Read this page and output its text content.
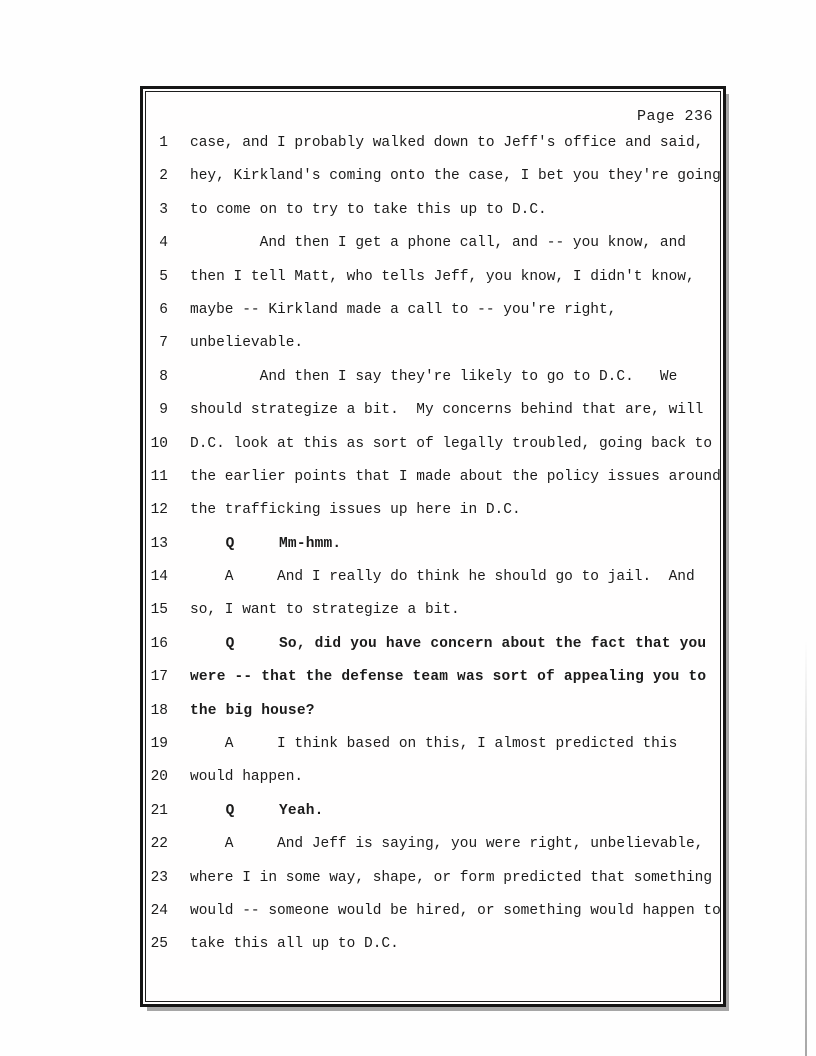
Page 236
1	case, and I probably walked down to Jeff's office and said,
2	hey, Kirkland's coming onto the case, I bet you they're going
3	to come on to try to take this up to D.C.
4	And then I get a phone call, and -- you know, and
5	then I tell Matt, who tells Jeff, you know, I didn't know,
6	maybe -- Kirkland made a call to -- you're right,
7	unbelievable.
8	And then I say they're likely to go to D.C.   We
9	should strategize a bit.  My concerns behind that are, will
10	D.C. look at this as sort of legally troubled, going back to
11	the earlier points that I made about the policy issues around
12	the trafficking issues up here in D.C.
13	Q     Mm-hmm.
14	A     And I really do think he should go to jail.  And
15	so, I want to strategize a bit.
16	Q     So, did you have concern about the fact that you
17	were -- that the defense team was sort of appealing you to
18	the big house?
19	A     I think based on this, I almost predicted this
20	would happen.
21	Q     Yeah.
22	A     And Jeff is saying, you were right, unbelievable,
23	where I in some way, shape, or form predicted that something
24	would -- someone would be hired, or something would happen to
25	take this all up to D.C.
